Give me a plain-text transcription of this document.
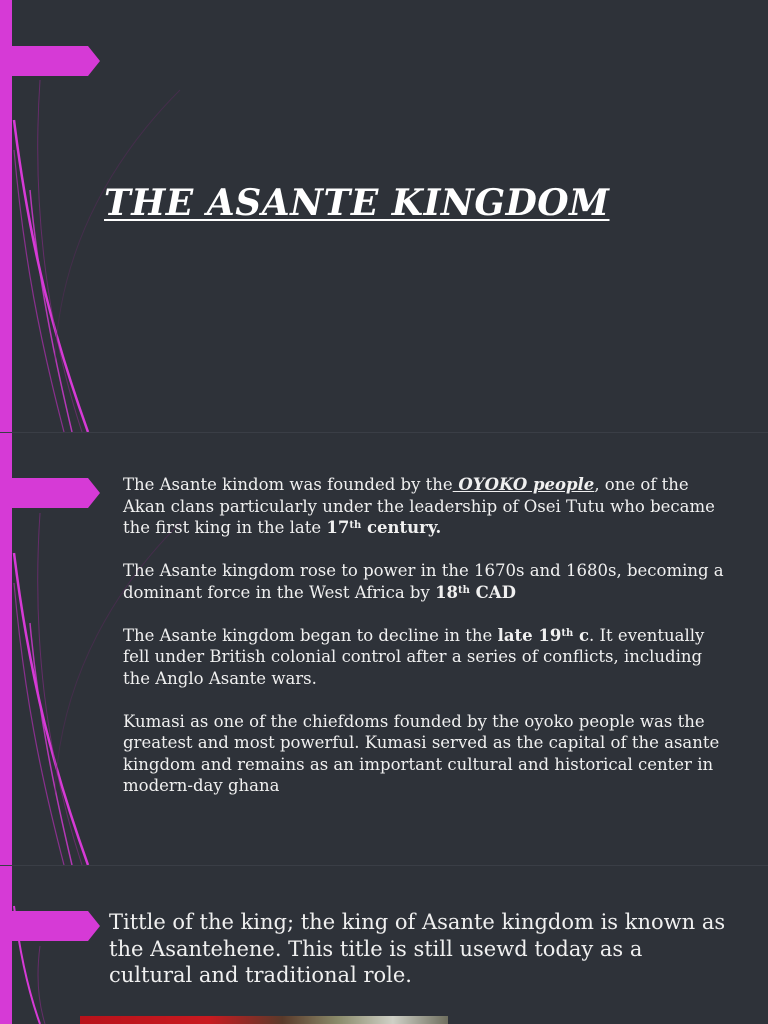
THE ASANTE KINGDOM

The Asante kindom was founded by the OYOKO people, one of the Akan clans particularly under the leadership of Osei Tutu who became the first king in the late 17th century.

The Asante kingdom rose to power in the 1670s and 1680s, becoming a dominant force in the West Africa by 18th CAD

The Asante kingdom began to decline in the late 19th c. It eventually fell under British colonial control after a series of conflicts, including the Anglo Asante wars.

Kumasi as one of the chiefdoms founded by the oyoko people was the greatest and most powerful. Kumasi served as the capital of the asante kingdom and remains as an important cultural and historical center in modern-day ghana

Tittle of the king; the king of Asante kingdom is known as the Asantehene. This title is still usewd today as a cultural and traditional role.
